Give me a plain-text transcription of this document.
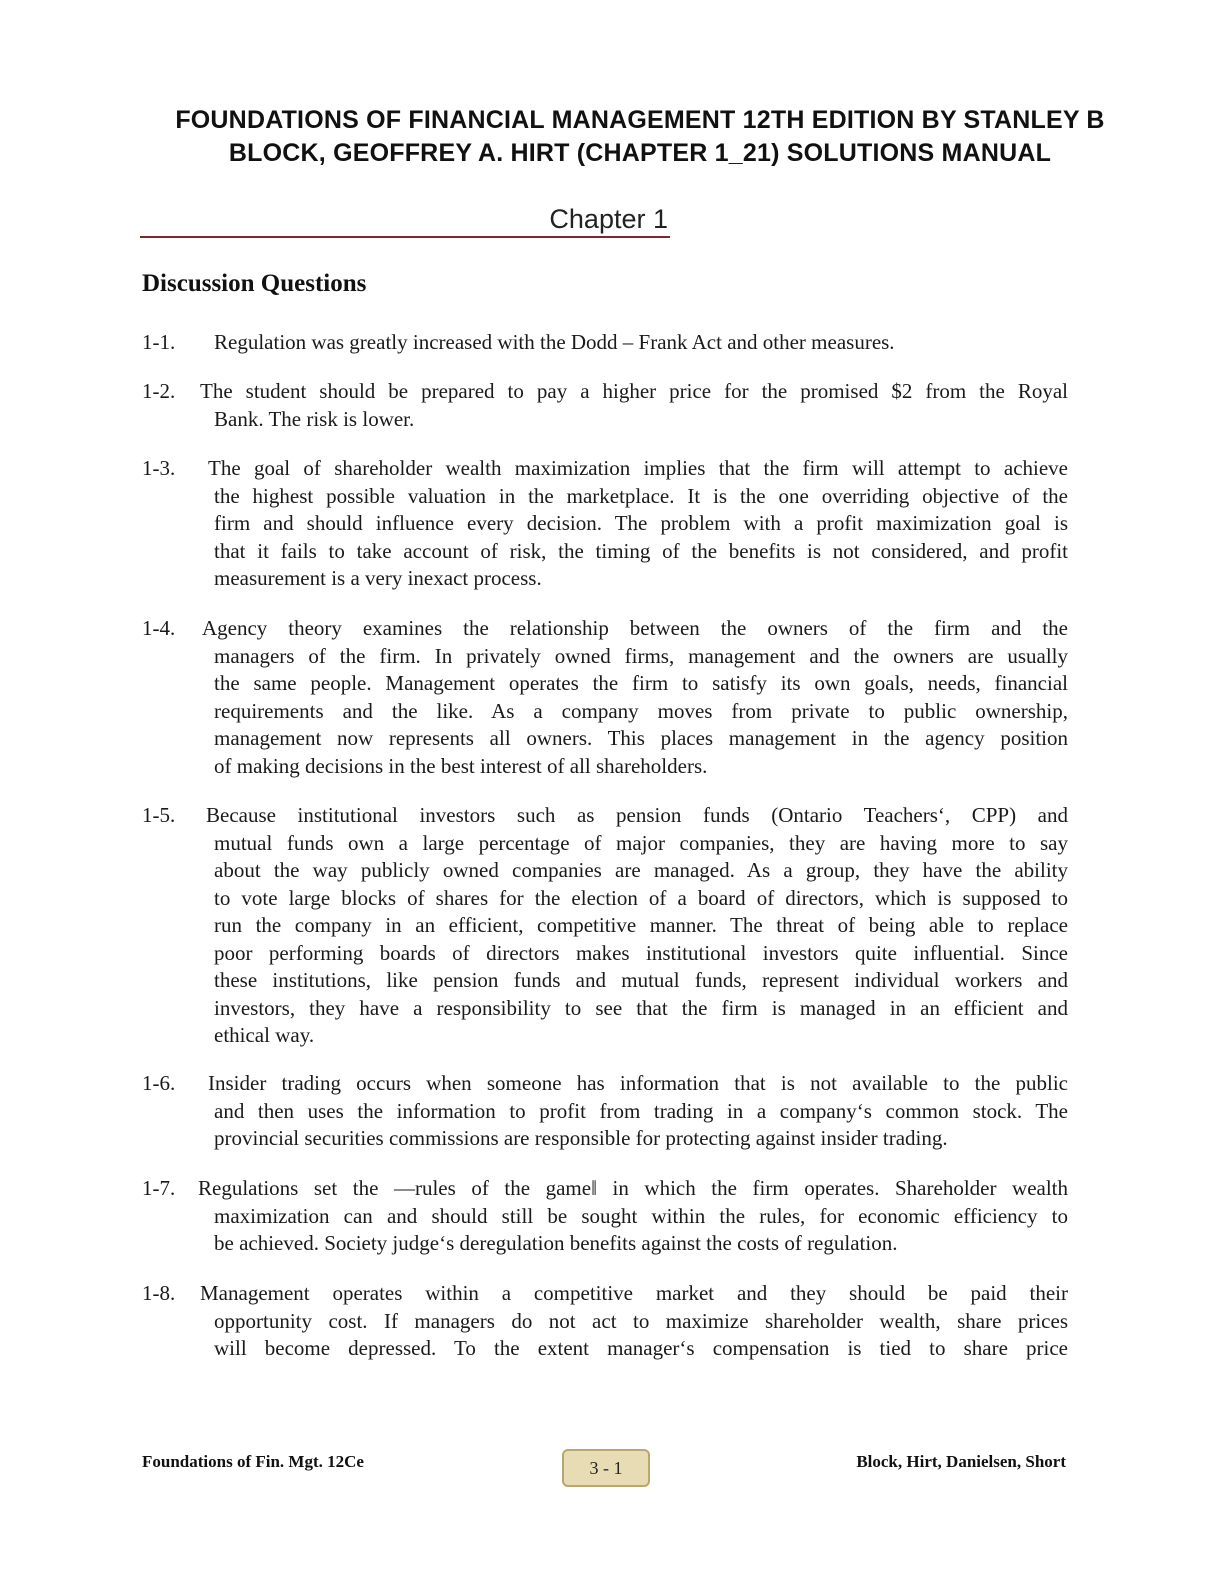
FOUNDATIONS OF FINANCIAL MANAGEMENT 12TH EDITION BY STANLEY B
BLOCK, GEOFFREY A. HIRT (CHAPTER 1_21) SOLUTIONS MANUAL
Chapter 1
Discussion Questions
1-1.	Regulation was greatly increased with the Dodd – Frank Act and other measures.
1-2.	The student should be prepared to pay a higher price for the promised $2 from the Royal
Bank. The risk is lower.
1-3.	The goal of shareholder wealth maximization implies that the firm will attempt to achieve
the highest possible valuation in the marketplace. It is the one overriding objective of the
firm and should influence every decision. The problem with a profit maximization goal is
that it fails to take account of risk, the timing of the benefits is not considered, and profit
measurement is a very inexact process.
1-4.	Agency theory examines the relationship between the owners of the firm and the
managers of the firm. In privately owned firms, management and the owners are usually
the same people. Management operates the firm to satisfy its own goals, needs, financial
requirements and the like. As a company moves from private to public ownership,
management now represents all owners. This places management in the agency position
of making decisions in the best interest of all shareholders.
1-5.	Because institutional investors such as pension funds (Ontario Teachers‘, CPP) and
mutual funds own a large percentage of major companies, they are having more to say
about the way publicly owned companies are managed. As a group, they have the ability
to vote large blocks of shares for the election of a board of directors, which is supposed to
run the company in an efficient, competitive manner. The threat of being able to replace
poor performing boards of directors makes institutional investors quite influential. Since
these institutions, like pension funds and mutual funds, represent individual workers and
investors, they have a responsibility to see that the firm is managed in an efficient and
ethical way.
1-6.	Insider trading occurs when someone has information that is not available to the public
and then uses the information to profit from trading in a company‘s common stock. The
provincial securities commissions are responsible for protecting against insider trading.
1-7.	Regulations set the —rules of the game‖ in which the firm operates. Shareholder wealth
maximization can and should still be sought within the rules, for economic efficiency to
be achieved. Society judge‘s deregulation benefits against the costs of regulation.
1-8.	Management operates within a competitive market and they should be paid their
opportunity cost. If managers do not act to maximize shareholder wealth, share prices
will become depressed. To the extent manager‘s compensation is tied to share price
Foundations of Fin. Mgt. 12Ce	3 - 1	Block, Hirt, Danielsen, Short
